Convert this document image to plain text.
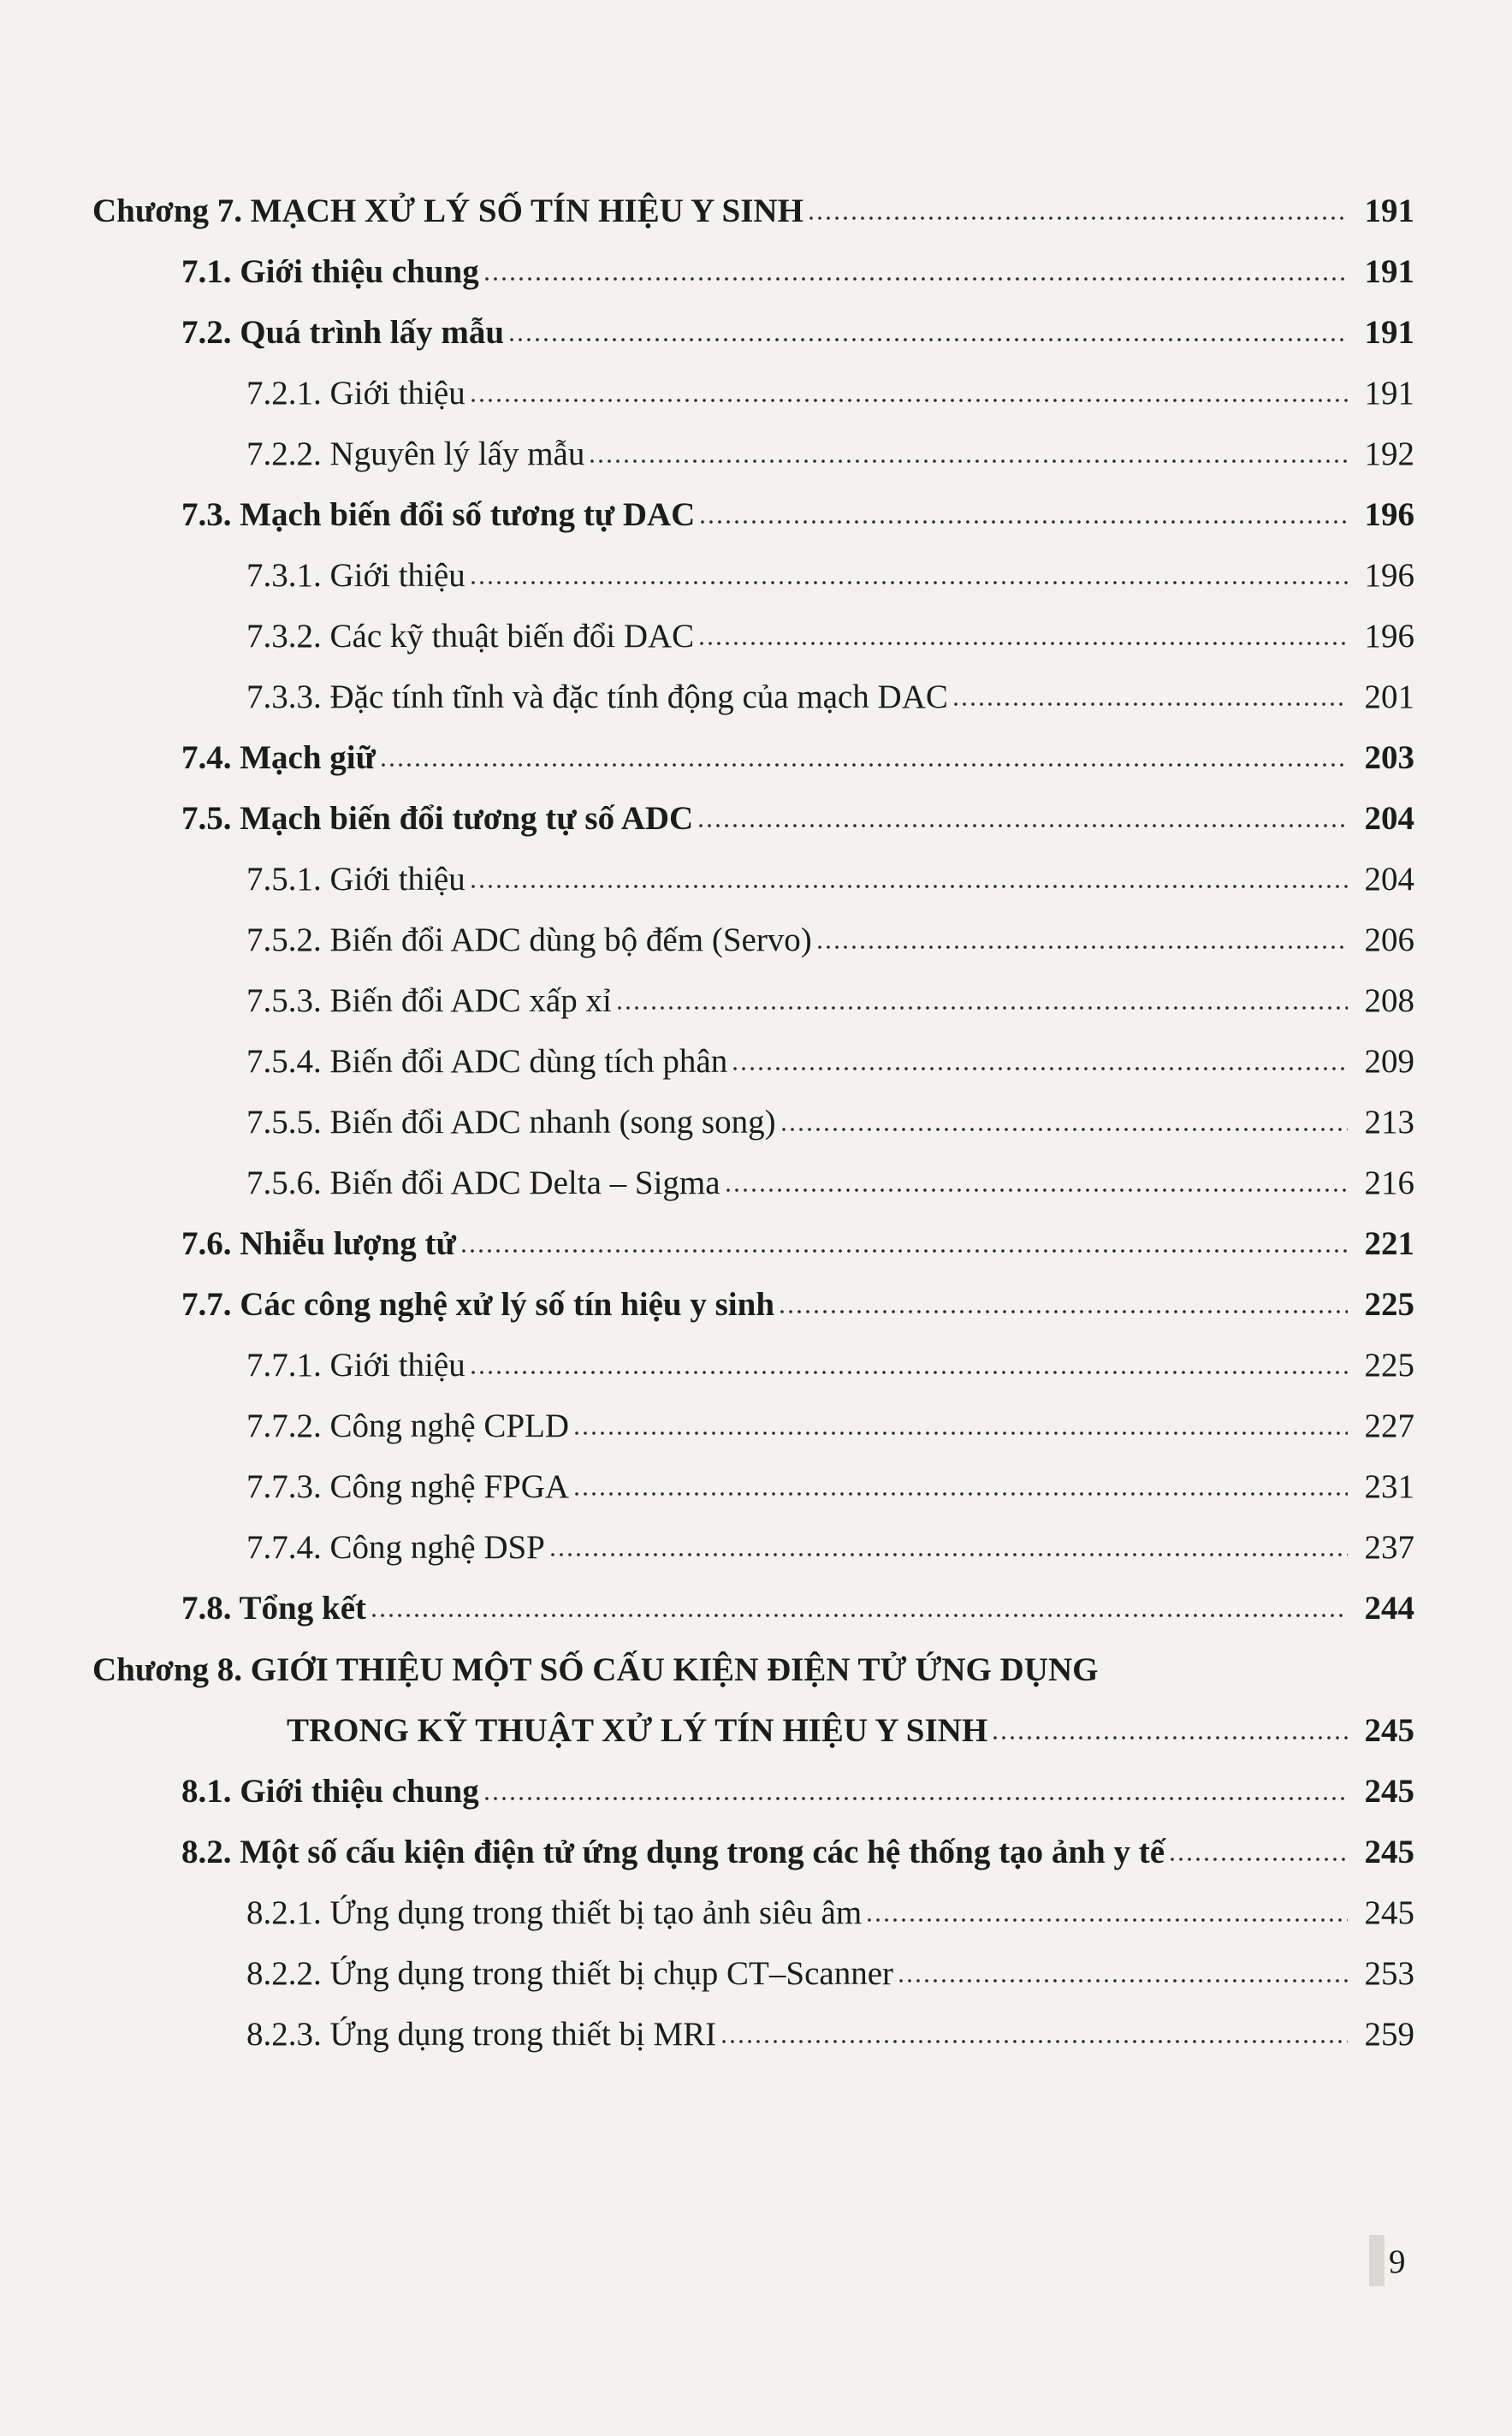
Chương 7. MẠCH XỬ LÝ SỐ TÍN HIỆU Y SINH	191
7.1. Giới thiệu chung	191
7.2. Quá trình lấy mẫu	191
7.2.1. Giới thiệu	191
7.2.2. Nguyên lý lấy mẫu	192
7.3. Mạch biến đổi số tương tự DAC	196
7.3.1. Giới thiệu	196
7.3.2. Các kỹ thuật biến đổi DAC	196
7.3.3. Đặc tính tĩnh và đặc tính động của mạch DAC	201
7.4. Mạch giữ	203
7.5. Mạch biến đổi tương tự số ADC	204
7.5.1. Giới thiệu	204
7.5.2. Biến đổi ADC dùng bộ đếm (Servo)	206
7.5.3. Biến đổi ADC xấp xỉ	208
7.5.4. Biến đổi ADC dùng tích phân	209
7.5.5. Biến đổi ADC nhanh (song song)	213
7.5.6. Biến đổi ADC Delta – Sigma	216
7.6. Nhiễu lượng tử	221
7.7. Các công nghệ xử lý số tín hiệu y sinh	225
7.7.1. Giới thiệu	225
7.7.2. Công nghệ CPLD	227
7.7.3. Công nghệ FPGA	231
7.7.4. Công nghệ DSP	237
7.8. Tổng kết	244
Chương 8. GIỚI THIỆU MỘT SỐ CẤU KIỆN ĐIỆN TỬ ỨNG DỤNG
TRONG KỸ THUẬT XỬ LÝ TÍN HIỆU Y SINH	245
8.1. Giới thiệu chung	245
8.2. Một số cấu kiện điện tử ứng dụng trong các hệ thống tạo ảnh y tế	245
8.2.1. Ứng dụng trong thiết bị tạo ảnh siêu âm	245
8.2.2. Ứng dụng trong thiết bị chụp CT–Scanner	253
8.2.3. Ứng dụng trong thiết bị MRI	259
9
